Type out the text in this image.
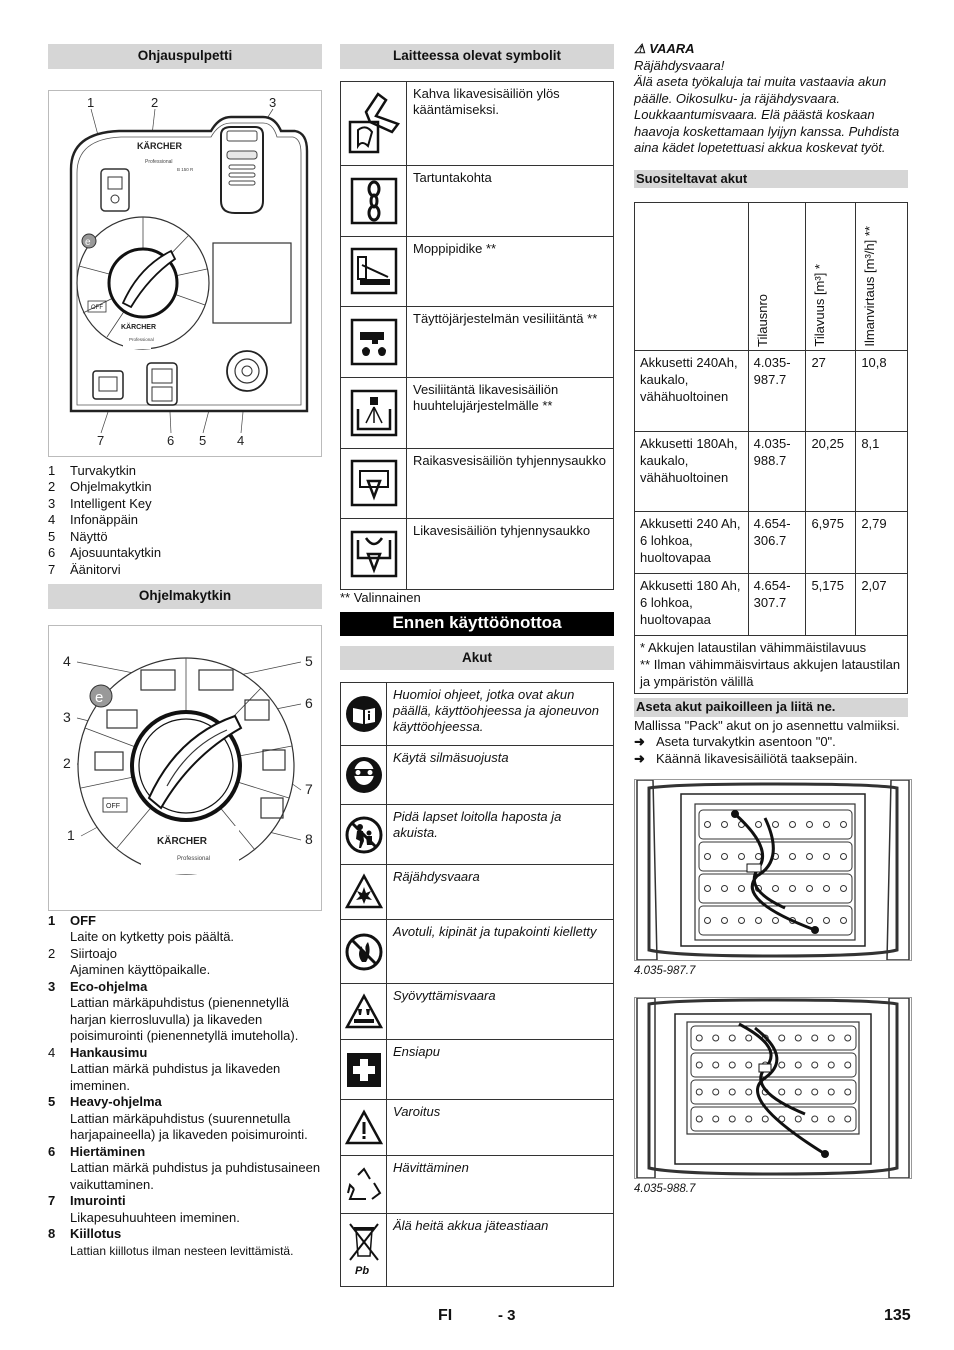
Ohjauspulpetti
1	2	3
7	6 5 4
KÄRCHER
Professional
B 150 R
OFF
e
KÄRCHER
Professional
1	Turvakytkin
2	Ohjelmakytkin
3	Intelligent Key
4	Infonäppäin
5	Näyttö
6	Ajosuuntakytkin
7	Äänitorvi
Ohjelmakytkin
4	5
3
6
2
7
1	8
e
OFF
KÄRCHER
Professional
1	OFF
Laite on kytketty pois päältä.
2	Siirtoajo
Ajaminen käyttöpaikalle.
3	Eco-ohjelma
Lattian märkäpuhdistus (pienennetyllä harjan kierrosluvulla) ja likaveden poisimurointi (pienennetyllä imuteholla).
4	Hankausimu
Lattian märkä puhdistus ja likaveden imeminen.
5	Heavy-ohjelma
Lattian märkäpuhdistus (suurennetulla harjapaineella) ja likaveden poisimurointi.
6	Hiertäminen
Lattian märkä puhdistus ja puhdistusaineen vaikuttaminen.
7	Imurointi
Likapesuhuuhteen imeminen.
8	Kiillotus
Lattian kiillotus ilman nesteen levittämistä.
Laitteessa olevat symbolit
	Kahva likavesisäiliön ylös kääntämiseksi.

	Tartuntakohta

	Moppipidike **

	Täyttöjärjestelmän vesiliitäntä **

	Vesiliitäntä likavesisäiliön huuhtelujärjestelmälle **

	Raikasvesisäiliön tyhjennysaukko

	Likavesisäiliön tyhjennysaukko
** Valinnainen
Ennen käyttöönottoa
Akut
	Huomioi ohjeet, jotka ovat akun päällä, käyttöohjeessa ja ajoneuvon käyttöohjeessa.

	Käytä silmäsuojusta

	Pidä lapset loitolla haposta ja akuista.

	Räjähdysvaara

	Avotuli, kipinät ja tupakointi kielletty

	Syövyttämisvaara

	Ensiapu

	Varoitus

	Hävittäminen

Pb	Älä heitä akkua jäteastiaan
⚠ VAARA
Räjähdysvaara!
Älä aseta työkaluja tai muita vastaavia akun päälle. Oikosulku- ja räjähdysvaara.
Loukkaantumisvaara. Elä päästä koskaan haavoja koskettamaan lyijyn kanssa. Puhdista aina kädet lopetettuasi akkua koskevat työt.
Suositeltavat akut

	Tilausnro	Tilavuus [m³] *	Ilmanvirtaus [m³/h] **

Akkusetti 240Ah, kaukalo, vähähuoltoinen	4.035-987.7	27	10,8
Akkusetti 180Ah, kaukalo, vähähuoltoinen	4.035-988.7	20,25	8,1
Akkusetti 240 Ah, 6 lohkoa, huoltovapaa	4.654-306.7	6,975	2,79
Akkusetti 180 Ah, 6 lohkoa, huoltovapaa	4.654-307.7	5,175	2,07

* Akkujen lataustilan vähimmäistilavuus
** Ilman vähimmäisvirtaus akkujen lataustilan ja ympäristön välillä			
Aseta akut paikoilleen ja liitä ne.
Mallissa "Pack" akut on jo asennettu valmiiksi.
➜ Aseta turvakytkin asentoon "0".
➜ Käännä likavesisäiliötä taaksepäin.
4.035-987.7
4.035-988.7
FI	- 3	135
